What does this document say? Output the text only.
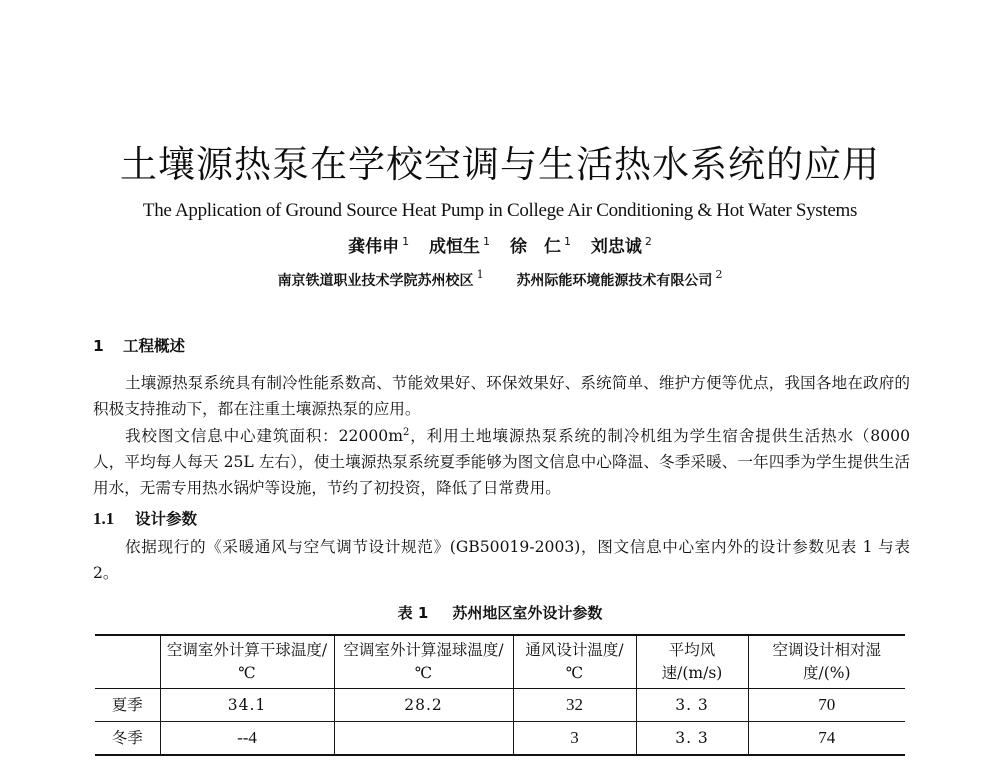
土壤源热泵在学校空调与生活热水系统的应用
The Application of Ground Source Heat Pump in College Air Conditioning & Hot Water Systems
龚伟申 $^1$ 成恒生 $^1$ 徐　仁 $^1$ 刘忠诚 $^2$
南京铁道职业技术学院苏州校区 $^1$ 苏州际能环境能源技术有限公司 $^2$
1 工程概述

土壤源热泵系统具有制冷性能系数高、节能效果好、环保效果好、系统简单、维护方便等优点，我国各地在政府的积极支持推动下，都在注重土壤源热泵的应用。

我校图文信息中心建筑面积：$22000m^2$，利用土地壤源热泵系统的制冷机组为学生宿舍提供生活热水（8000 人，平均每人每天 25L 左右），使土壤源热泵系统夏季能够为图文信息中心降温、冬季采暖、一年四季为学生提供生活用水，无需专用热水锅炉等设施，节约了初投资，降低了日常费用。

1.1 设计参数

依据现行的《采暖通风与空气调节设计规范》(GB50019-2003)，图文信息中心室内外的设计参数见表 1 与表 2。

表 1 苏州地区室外设计参数
	空调室外计算干球温度/℃	空调室外计算湿球温度/℃	通风设计温度/℃	平均风速/(m/s)	空调设计相对湿度/(%)
夏季	34.1	28.2	32	3. 3	70
冬季	--4		3	3. 3	74
